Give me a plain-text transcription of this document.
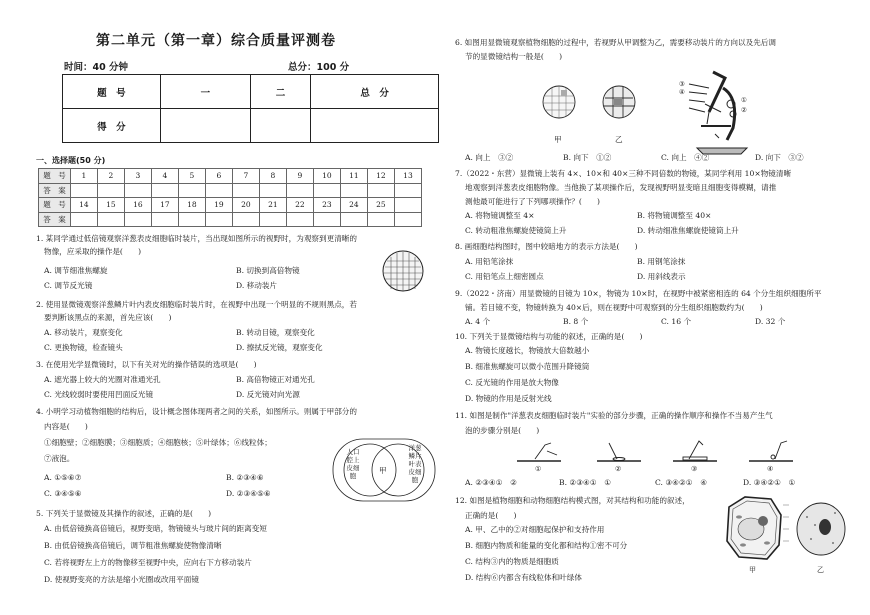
第二单元（第一章）综合质量评测卷
时间：40 分钟	总分：100 分
题　号	一	二	总　分
得　分			
一、选择题(50 分)
题　号	1	2	3	4	5	6	7	8	9	10	11	12	13
答　案													
题　号	14	15	16	17	18	19	20	21	22	23	24	25	
答　案													
1. 某同学通过低倍镜观察洋葱表皮细胞临时装片，当出现如图所示的视野时，为观察到更清晰的
物像，应采取的操作是(　　)
A. 调节细准焦螺旋	B. 切换到高倍物镜
C. 调节反光镜	D. 移动装片
2. 使用显微镜观察洋葱鳞片叶内表皮细胞临时装片时，在视野中出现一个明显的不规则黑点，若
要判断该黑点的来源，首先应该(　　)
A. 移动装片，观察变化	B. 转动目镜，观察变化
C. 更换物镜，检查镜头	D. 擦拭反光镜，观察变化
3. 在使用光学显微镜时，以下有关对光的操作错误的选项是(　　)
A. 遮光器上较大的光圈对准通光孔	B. 高倍物镜正对通光孔
C. 光线较弱时要使用凹面反光镜	D. 反光镜对向光源
4. 小明学习动植物细胞的结构后，设计概念图体现两者之间的关系，如图所示。则属于甲部分的
内容是(　　)
①细胞壁；②细胞膜；③细胞质；④细胞核；⑤叶绿体；⑥线粒体；
⑦液泡。
A. ①⑤⑥⑦	B. ②③④⑥
C. ③④⑤⑥	D. ②③④⑤⑥
人口
腔上
皮细
胞
甲
洋葱
鳞片
叶表
皮细
胞
5. 下列关于显微镜及其操作的叙述，正确的是(　　)
A. 由低倍镜换高倍镜后，视野变暗，物镜镜头与玻片间的距离变短
B. 由低倍镜换高倍镜后，调节粗准焦螺旋使物像清晰
C. 若将视野左上方的物像移至视野中央，应向右下方移动装片
D. 使视野变亮的方法是缩小光圈或改用平面镜
6. 如图用显微镜观察植物细胞的过程中，若视野从甲调整为乙，需要移动装片的方向以及先后调
节的显微镜结构一般是(　　)
甲	乙
③
④
①
②
A. 向上　③②	B. 向下　①②	C. 向上　④②	D. 向下　③②
7.（2022・东营）显微镜上装有 4×、10×和 40×三种不同倍数的物镜，某同学利用 10×物镜清晰
地观察到洋葱表皮细胞物像。当他换了某项操作后，发现视野明显变暗且细胞变得模糊，请推
测他最可能进行了下列哪项操作？(　　)
A. 将物镜调整至 4×	B. 将物镜调整至 40×
C. 转动粗准焦螺旋使镜筒上升	D. 转动细准焦螺旋使镜筒上升
8. 画细胞结构图时，图中较暗地方的表示方法是(　　)
A. 用铅笔涂抹	B. 用钢笔涂抹
C. 用铅笔点上细密圆点	D. 用斜线表示
9.（2022・济南）用显微镜的目镜为 10×，物镜为 10×时，在视野中被紧密相连的 64 个分生组织细胞所平
铺。若目镜不变，物镜转换为 40×后，则在视野中可观察到的分生组织细胞数约为(　　)
A. 4 个	B. 8 个	C. 16 个	D. 32 个
10. 下列关于显微镜结构与功能的叙述，正确的是(　　)
A. 物镜长度越长，物镜放大倍数越小
B. 细准焦螺旋可以微小范围升降镜筒
C. 反光镜的作用是放大物像
D. 物镜的作用是反射光线
11. 如图是制作"洋葱表皮细胞临时装片"实验的部分步骤，正确的操作顺序和操作不当易产生气
泡的步骤分别是(　　)
①	②	③	④
A. ②③④①　②	B. ②③④①　①	C. ③④②①　④	D. ③④②①　①
12. 如图是植物细胞和动物细胞结构模式图，对其结构和功能的叙述，
正确的是(　　)
A. 甲、乙中的②对细胞起保护和支持作用
B. 细胞内物质和能量的变化都和结构①密不可分
C. 结构③内的物质是细胞质
D. 结构⑥内都含有线粒体和叶绿体
甲	乙
